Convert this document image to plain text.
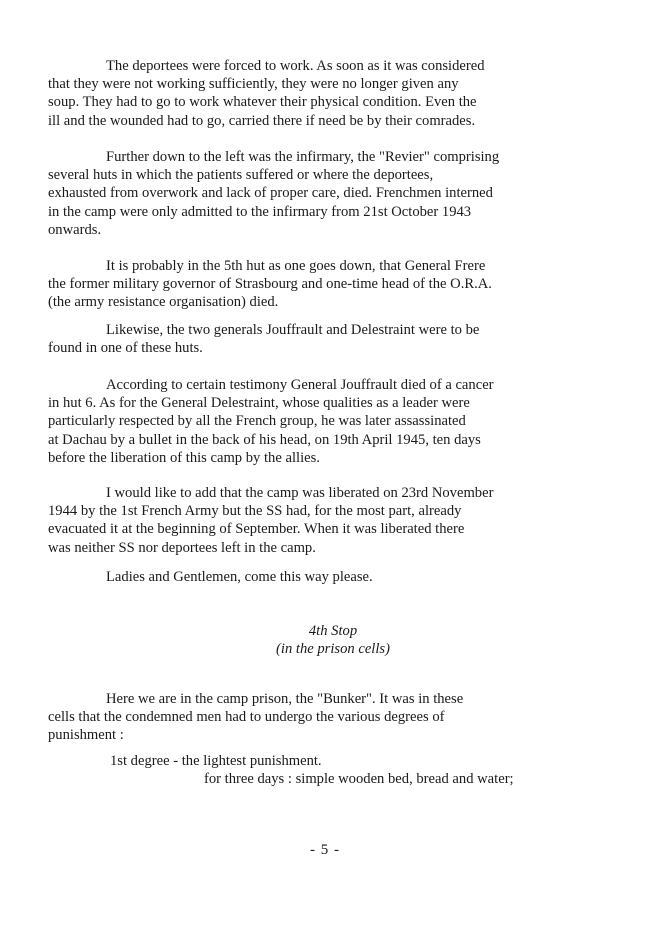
The deportees were forced to work. As soon as it was considered
that they were not working sufficiently, they were no longer given any
soup. They had to go to work whatever their physical condition. Even the
ill and the wounded had to go, carried there if need be by their comrades.

Further down to the left was the infirmary, the "Revier" comprising
several huts in which the patients suffered or where the deportees,
exhausted from overwork and lack of proper care, died. Frenchmen interned
in the camp were only admitted to the infirmary from 21st October 1943
onwards.

It is probably in the 5th hut as one goes down, that General Frere
the former military governor of Strasbourg and one-time head of the O.R.A.
(the army resistance organisation) died.

Likewise, the two generals Jouffrault and Delestraint were to be
found in one of these huts.

According to certain testimony General Jouffrault died of a cancer
in hut 6. As for the General Delestraint, whose qualities as a leader were
particularly respected by all the French group, he was later assassinated
at Dachau by a bullet in the back of his head, on 19th April 1945, ten days
before the liberation of this camp by the allies.

I would like to add that the camp was liberated on 23rd November
1944 by the 1st French Army but the SS had, for the most part, already
evacuated it at the beginning of September. When it was liberated there
was neither SS nor deportees left in the camp.

Ladies and Gentlemen, come this way please.

4th Stop
(in the prison cells)

Here we are in the camp prison, the "Bunker". It was in these
cells that the condemned men had to undergo the various degrees of
punishment :

1st degree - the lightest punishment.
for three days : simple wooden bed, bread and water;
- 5 -
